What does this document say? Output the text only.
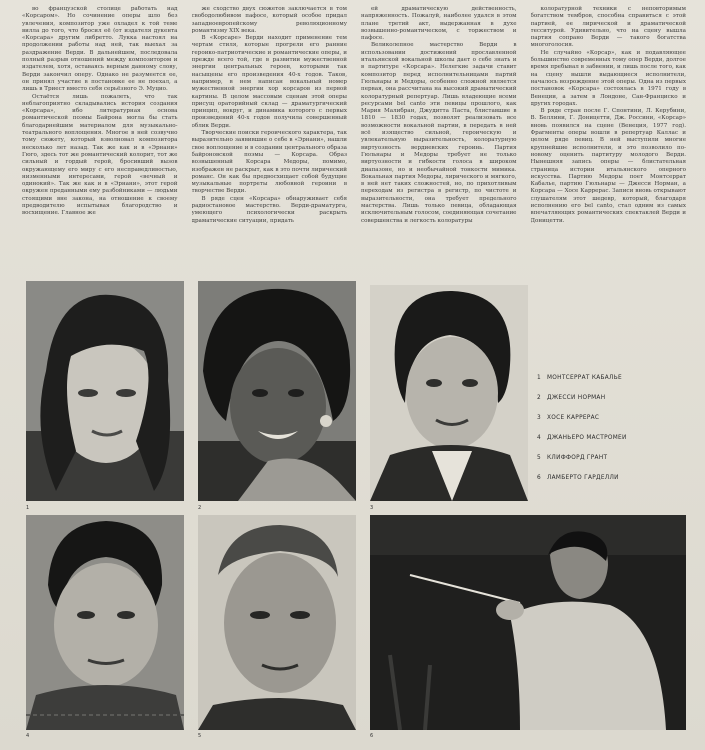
во французской столице работать над «Корсаром». Но сочинение оперы шло без увлечения, композитор уже охладел к той теме вилла до того, что бросил её (от издателя дукента «Корсара» другим либретто. Лукка настоял на продолжении работы над ней, так выехал за раздражение Верди. В дальнейшем, последовала полный разрыв отношений между композитором и издателем, хотя, оставаясь верным данному слову, Верди закончил оперу. Однако не разумеется ее, он принял участие в постановке ее не поехал, а лишь в Триест вместо себя серьёзного Э. Муцио.

Остаётся лишь пожалеть, что так неблагоприятно складывались история создания «Корсара», ибо литературная основа романтической поэмы Байрона могла бы стать благодарнейшим материалом для музыкально-театрального воплощения. Многое в ней созвучно тому сюжету, который взволновал композитора несколько лет назад. Так же как и в «Эрнани» Гюго, здесь тот же романтический колорит, тот же сильный и гордый герой, бросивший вызов окружающему его миру с его несправедливостью, низменными интересами, герой «вечный и одинокий». Так же как и в «Эрнани», этот герой окружен преданными ему разбойниками — людьми стоящими вне закона, на отношение к своему предводителю испытывая благородство и восхищение. Главное же

же сходство двух сюжетов заключается в том свободолюбивом пафосе, который особое придал западноевропейскому революционному романтизму XIX века.

В «Корсаре» Верди находит применение тем чертам стиля, которые прогрели его ранние героико-патриотические и романтические оперы, и прежде всего той, где в развитии мужественной энергии центральных героев, которыми так насыщены его произведения 40-х годов. Таков, например, в нем написан вокальный номер мужественной энергии хор корсаров из первой картины. В целом массовым сценам этой оперы присущ ораторийный склад — драматургический принцип, вокруг, и динамика которого с первых произведений 40-х годов получила совершенный облик Верди.

Творческие поиски героического характера, так выразительно заявившие о себе в «Эрнани», нашли свое воплощение и в создании центрального образа байроновской поэмы — Корсара. Образ возвышенный Корсара Медоры, помимо, изображен не раскрыт, как в это почти лирический романс. Он как бы предвосхищает собой будущие музыкальные портреты любовной героини в творчестве Верди.

В ряде сцен «Корсара» обнаруживает себя радиостановое мастерство. Верди-драматурга, умеющего психологически раскрыть драматические ситуации, придать

ей драматическую действенность, напряженность. Пожалуй, наиболее удался в этом плане третий акт, выдержанная в духе возвышенно-романтическом, с торжеством и пафосе.

Великолепное мастерство Верди в использовании достижений прославленной итальянской вокальной школы дает о себе знать и в партитуре «Корсара». Нелегкие задачи ставит композитор перед исполнительницами партий Гюльнары и Медоры, особенно сложной является первая, она рассчитана на высокий драматический колоратурный репертуар. Лишь владеющие всеми ресурсами bel canto эти певицы прошлого, как Мария Малибран, Джудитта Паста, блиставшие в 1810 — 1830 годах, позволят реализовать все возможности вокальной партии, в передать в ней всё изящество сильной, героическую и увлекательную выразительность, колоратурную виртуозность вердиевских героинь. Партия Гюльнары и Медоры требует не только виртуозности и гибкости голоса в широком диапазоне, но и необычайной тонкости мимика. Вокальная партия Медоры, лирического и мягкого, в ней нет таких сложностей, но, по прихотливым переходам из регистра в регистр, по чистоте и выразительности, она требует предельного мастерства. Лишь только певица, обладающая исключительным голосом, соединяющая сочетание совершенства и легкость колоратуры

колоратурной техники с неповторимым богатством тембров, способна справиться с этой партией, ее лирической и драматической тесситурой. Удивительно, что на сцену вышла партия сопрано Верди — такого богатства многоголосия.

Не случайно «Корсар», как и подавляющее большинство современных тому опер Верди, долгое время пребывал в забвении, и лишь после того, как на сцену вышли выдающиеся исполнители, началось возрождение этой оперы. Одна из первых постановок «Корсара» состоялась в 1971 году в Венеции, а затем в Лондоне, Сан-Франциско и других городах.

В ряде стран после Г. Спонтини, Л. Керубини, В. Беллини, Г. Доницетти, Дж. Россини, «Корсар» вновь появился на сцене (Венеция, 1977 год). Фрагменты оперы вошли в репертуар Каллас и целом ряде певиц. В ней выступили многие крупнейшие исполнители, и это позволило по-новому оценить партитуру молодого Верди. Нынешняя запись оперы — блистательная страница истории итальянского оперного искусства. Партию Медоры поет Монтсеррат Кабалье, партию Гюльнары — Джесси Норман, а Корсара — Хосе Каррерас. Записи вновь открывают слушателям этот шедевр, который, благодаря исполнению его bel canto, стал одним из самых впечатляющих романтических спектаклей Верди и Доницетти.

1	2	3
1	МОНТСЕРРАТ КАБАЛЬЕ
2	ДЖЕССИ НОРМАН
3	ХОСЕ КАРРЕРАС
4	ДЖАНЬЕРО МАСТРОМЕИ
5	КЛИФФОРД ГРАНТ
6	ЛАМБЕРТО ГАРДЕЛЛИ
4	5	6
